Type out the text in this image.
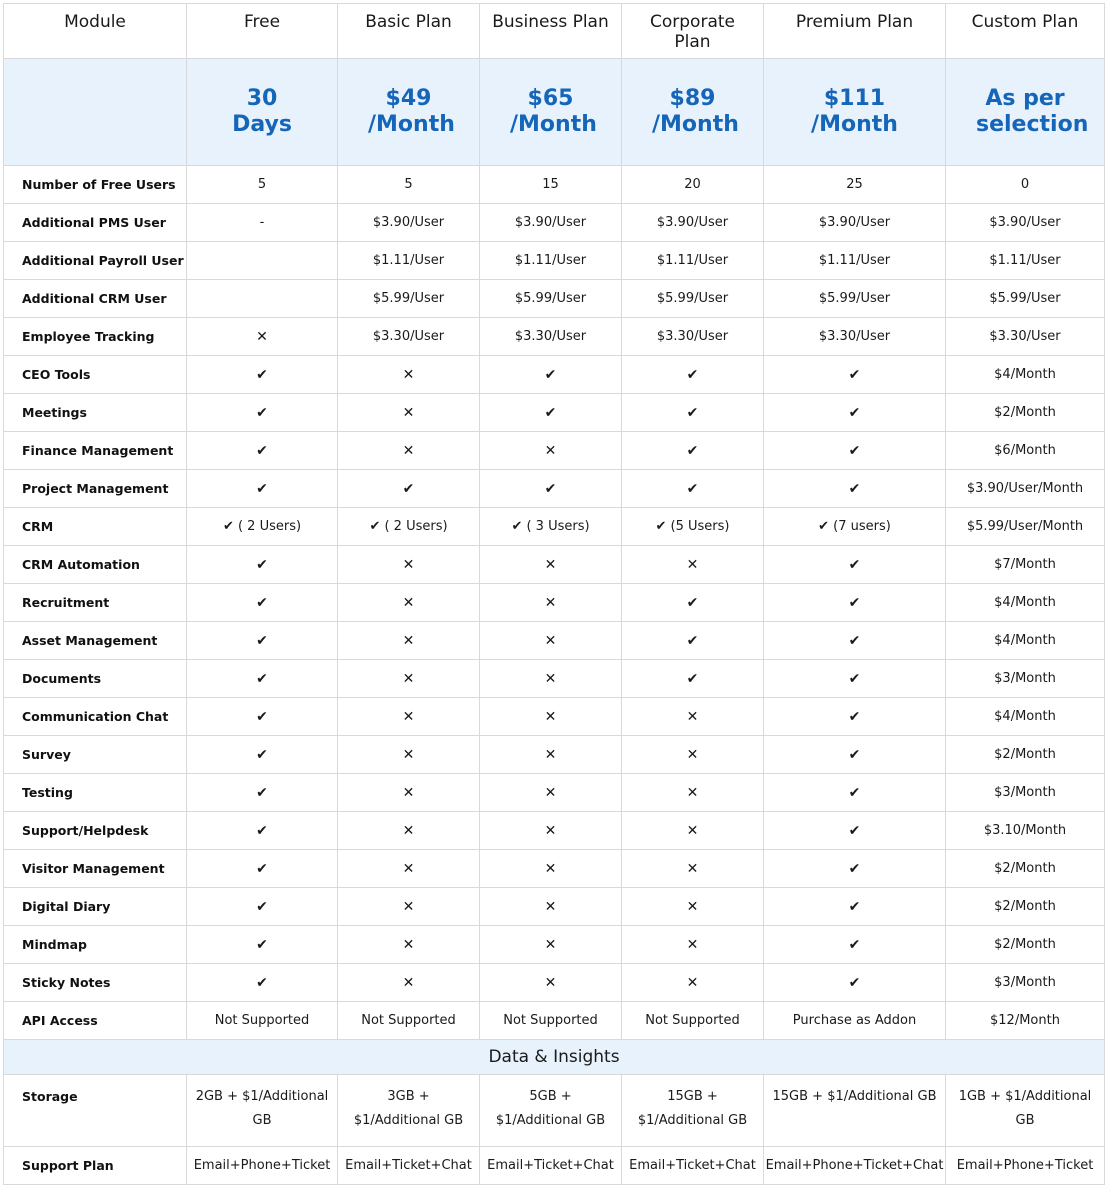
Module	Free	Basic Plan	Business Plan	Corporate Plan	Premium Plan	Custom Plan
	30 Days	$49 /Month	$65 /Month	$89 /Month	$111 /Month	As per selection
Number of Free Users	5	5	15	20	25	0
Additional PMS User	-	$3.90/User	$3.90/User	$3.90/User	$3.90/User	$3.90/User
Additional Payroll User		$1.11/User	$1.11/User	$1.11/User	$1.11/User	$1.11/User
Additional CRM User		$5.99/User	$5.99/User	$5.99/User	$5.99/User	$5.99/User
Employee Tracking	✕	$3.30/User	$3.30/User	$3.30/User	$3.30/User	$3.30/User
CEO Tools	✔	✕	✔	✔	✔	$4/Month
Meetings	✔	✕	✔	✔	✔	$2/Month
Finance Management	✔	✕	✕	✔	✔	$6/Month
Project Management	✔	✔	✔	✔	✔	$3.90/User/Month
CRM	✔ ( 2 Users)	✔ ( 2 Users)	✔ ( 3 Users)	✔ (5 Users)	✔ (7 users)	$5.99/User/Month
CRM Automation	✔	✕	✕	✕	✔	$7/Month
Recruitment	✔	✕	✕	✔	✔	$4/Month
Asset Management	✔	✕	✕	✔	✔	$4/Month
Documents	✔	✕	✕	✔	✔	$3/Month
Communication Chat	✔	✕	✕	✕	✔	$4/Month
Survey	✔	✕	✕	✕	✔	$2/Month
Testing	✔	✕	✕	✕	✔	$3/Month
Support/Helpdesk	✔	✕	✕	✕	✔	$3.10/Month
Visitor Management	✔	✕	✕	✕	✔	$2/Month
Digital Diary	✔	✕	✕	✕	✔	$2/Month
Mindmap	✔	✕	✕	✕	✔	$2/Month
Sticky Notes	✔	✕	✕	✕	✔	$3/Month
API Access	Not Supported	Not Supported	Not Supported	Not Supported	Purchase as Addon	$12/Month
Data & Insights						
Storage	2GB + $1/Additional GB	3GB + $1/Additional GB	5GB + $1/Additional GB	15GB + $1/Additional GB	15GB + $1/Additional GB	1GB + $1/Additional GB
Support Plan	Email+Phone+Ticket	Email+Ticket+Chat	Email+Ticket+Chat	Email+Ticket+Chat	Email+Phone+Ticket+Chat	Email+Phone+Ticket
